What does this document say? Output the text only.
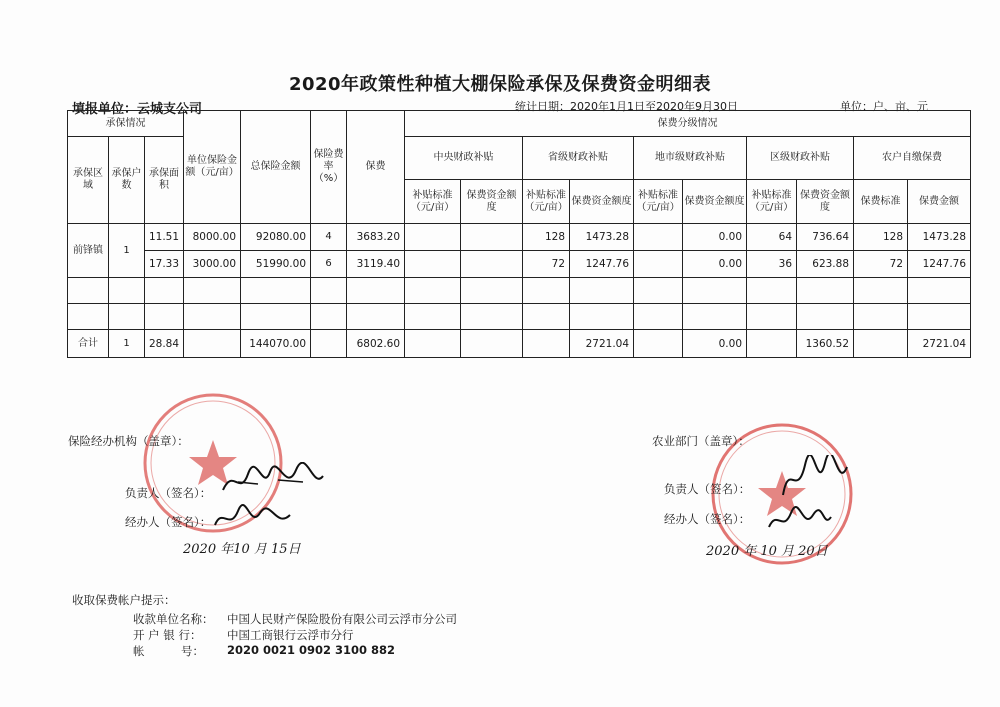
2020年政策性种植大棚保险承保及保费资金明细表
填报单位：云城支公司	统计日期：2020年1月1日至2020年9月30日	单位：户、亩、元
承保情况			单位保险金额（元/亩）	总保险金额	保险费率（%）	保费	保费分级情况									
承保区域	承保户数	承保面积					中央财政补贴		省级财政补贴		地市级财政补贴		区级财政补贴		农户自缴保费	
							补贴标准（元/亩）	保费资金额度	补贴标准（元/亩）	保费资金额度	补贴标准（元/亩）	保费资金额度	补贴标准（元/亩）	保费资金额度	保费标准	保费金额
前锋镇	1	11.51	8000.00	92080.00	4	3683.20			128	1473.28		0.00	64	736.64	128	1473.28
		17.33	3000.00	51990.00	6	3119.40			72	1247.76		0.00	36	623.88	72	1247.76

合计	1	28.84		144070.00		6802.60				2721.04		0.00		1360.52		2721.04
保险经办机构（盖章）：
负责人（签名）：
经办人（签名）：
2020 年10 月 15日
农业部门（盖章）：
负责人（签名）：
经办人（签名）：
2020 年 10 月 20日
收取保费帐户提示：
收款单位名称： 中国人民财产保险股份有限公司云浮市分公司
开 户 银 行： 中国工商银行云浮市分行
帐          号： 2020 0021 0902 3100 882
